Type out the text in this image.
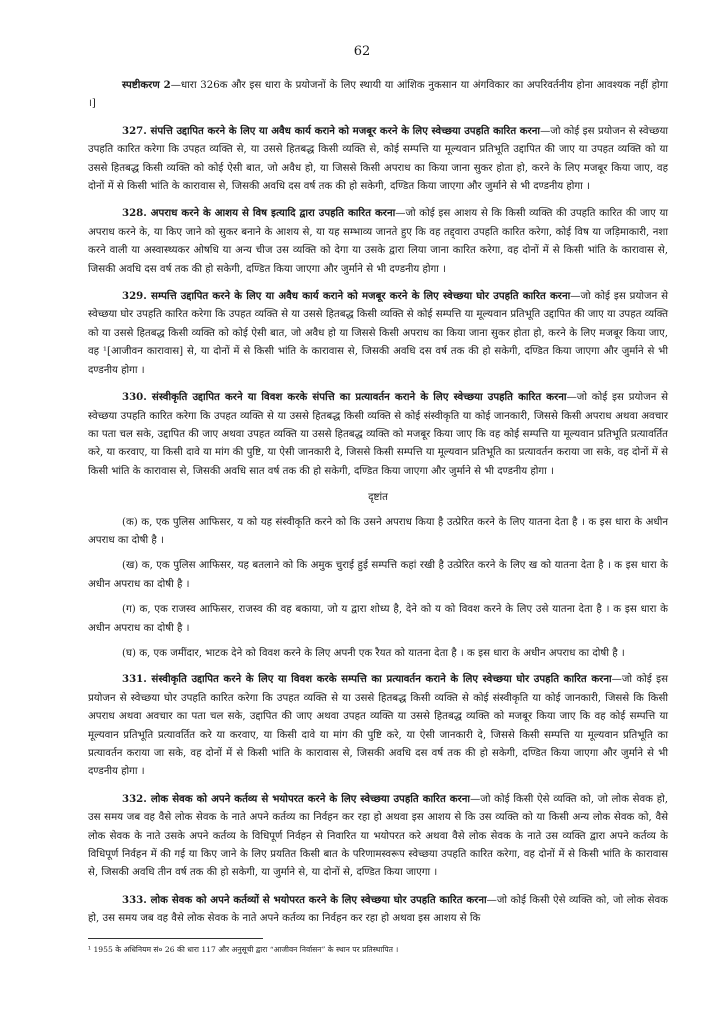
62

स्पष्टीकरण 2—धारा 326क और इस धारा के प्रयोजनों के लिए स्थायी या आंशिक नुकसान या अंगविकार का अपरिवर्तनीय होना आवश्यक नहीं होगा ।]

327. संपत्ति उद्दापित करने के लिए या अवैध कार्य कराने को मजबूर करने के लिए स्वेच्छया उपहति कारित करना—जो कोई इस प्रयोजन से स्वेच्छया उपहति कारित करेगा कि उपहत व्यक्ति से, या उससे हितबद्ध किसी व्यक्ति से, कोई सम्पत्ति या मूल्यवान प्रतिभूति उद्दापित की जाए या उपहत व्यक्ति को या उससे हितबद्ध किसी व्यक्ति को कोई ऐसी बात, जो अवैध हो, या जिससे किसी अपराध का किया जाना सुकर होता हो, करने के लिए मजबूर किया जाए, वह दोनों में से किसी भांति के कारावास से, जिसकी अवधि दस वर्ष तक की हो सकेगी, दण्डित किया जाएगा और जुर्माने से भी दण्डनीय होगा ।

328. अपराध करने के आशय से विष इत्यादि द्वारा उपहति कारित करना—जो कोई इस आशय से कि किसी व्यक्ति की उपहति कारित की जाए या अपराध करने के, या किए जाने को सुकर बनाने के आशय से, या यह सम्भाव्य जानते हुए कि वह तद्द्वारा उपहति कारित करेगा, कोई विष या जड़िमाकारी, नशा करने वाली या अस्वास्थ्यकर ओषधि या अन्य चीज उस व्यक्ति को देगा या उसके द्वारा लिया जाना कारित करेगा, वह दोनों में से किसी भांति के कारावास से, जिसकी अवधि दस वर्ष तक की हो सकेगी, दण्डित किया जाएगा और जुर्माने से भी दण्डनीय होगा ।

329. सम्पत्ति उद्दापित करने के लिए या अवैध कार्य कराने को मजबूर करने के लिए स्वेच्छया घोर उपहति कारित करना—जो कोई इस प्रयोजन से स्वेच्छया घोर उपहति कारित करेगा कि उपहत व्यक्ति से या उससे हितबद्ध किसी व्यक्ति से कोई सम्पत्ति या मूल्यवान प्रतिभूति उद्दापित की जाए या उपहत व्यक्ति को या उससे हितबद्ध किसी व्यक्ति को कोई ऐसी बात, जो अवैध हो या जिससे किसी अपराध का किया जाना सुकर होता हो, करने के लिए मजबूर किया जाए, वह ¹[आजीवन कारावास] से, या दोनों में से किसी भांति के कारावास से, जिसकी अवधि दस वर्ष तक की हो सकेगी, दण्डित किया जाएगा और जुर्माने से भी दण्डनीय होगा ।

330. संस्वीकृति उद्दापित करने या विवश करके संपत्ति का प्रत्यावर्तन कराने के लिए स्वेच्छया उपहति कारित करना—जो कोई इस प्रयोजन से स्वेच्छया उपहति कारित करेगा कि उपहत व्यक्ति से या उससे हितबद्ध किसी व्यक्ति से कोई संस्वीकृति या कोई जानकारी, जिससे किसी अपराध अथवा अवचार का पता चल सके, उद्दापित की जाए अथवा उपहत व्यक्ति या उससे हितबद्ध व्यक्ति को मजबूर किया जाए कि वह कोई सम्पत्ति या मूल्यवान प्रतिभूति प्रत्यावर्तित करे, या करवाए, या किसी दावे या मांग की पुष्टि, या ऐसी जानकारी दे, जिससे किसी सम्पत्ति या मूल्यवान प्रतिभूति का प्रत्यावर्तन कराया जा सके, वह दोनों में से किसी भांति के कारावास से, जिसकी अवधि सात वर्ष तक की हो सकेगी, दण्डित किया जाएगा और जुर्माने से भी दण्डनीय होगा ।

दृष्टांत

(क) क, एक पुलिस आफिसर, य को यह संस्वीकृति करने को कि उसने अपराध किया है उत्प्रेरित करने के लिए यातना देता है । क इस धारा के अधीन अपराध का दोषी है ।

(ख) क, एक पुलिस आफिसर, यह बतलाने को कि अमुक चुराई हुई सम्पत्ति कहां रखी है उत्प्रेरित करने के लिए ख को यातना देता है । क इस धारा के अधीन अपराध का दोषी है ।

(ग) क, एक राजस्व आफिसर, राजस्व की वह बकाया, जो य द्वारा शोध्य है, देने को य को विवश करने के लिए उसे यातना देता है । क इस धारा के अधीन अपराध का दोषी है ।

(घ) क, एक जमींदार, भाटक देने को विवश करने के लिए अपनी एक रैयत को यातना देता है । क इस धारा के अधीन अपराध का दोषी है ।

331. संस्वीकृति उद्दापित करने के लिए या विवश करके सम्पत्ति का प्रत्यावर्तन कराने के लिए स्वेच्छया घोर उपहति कारित करना—जो कोई इस प्रयोजन से स्वेच्छया घोर उपहति कारित करेगा कि उपहत व्यक्ति से या उससे हितबद्ध किसी व्यक्ति से कोई संस्वीकृति या कोई जानकारी, जिससे कि किसी अपराध अथवा अवचार का पता चल सके, उद्दापित की जाए अथवा उपहत व्यक्ति या उससे हितबद्ध व्यक्ति को मजबूर किया जाए कि वह कोई सम्पत्ति या मूल्यवान प्रतिभूति प्रत्यावर्तित करे या करवाए, या किसी दावे या मांग की पुष्टि करे, या ऐसी जानकारी दे, जिससे किसी सम्पत्ति या मूल्यवान प्रतिभूति का प्रत्यावर्तन कराया जा सके, वह दोनों में से किसी भांति के कारावास से, जिसकी अवधि दस वर्ष तक की हो सकेगी, दण्डित किया जाएगा और जुर्माने से भी दण्डनीय होगा ।

332. लोक सेवक को अपने कर्तव्य से भयोपरत करने के लिए स्वेच्छया उपहति कारित करना—जो कोई किसी ऐसे व्यक्ति को, जो लोक सेवक हो, उस समय जब वह वैसे लोक सेवक के नाते अपने कर्तव्य का निर्वहन कर रहा हो अथवा इस आशय से कि उस व्यक्ति को या किसी अन्य लोक सेवक को, वैसे लोक सेवक के नाते उसके अपने कर्तव्य के विधिपूर्ण निर्वहन से निवारित या भयोपरत करे अथवा वैसे लोक सेवक के नाते उस व्यक्ति द्वारा अपने कर्तव्य के विधिपूर्ण निर्वहन में की गई या किए जाने के लिए प्रयतित किसी बात के परिणामस्वरूप स्वेच्छया उपहति कारित करेगा, वह दोनों में से किसी भांति के कारावास से, जिसकी अवधि तीन वर्ष तक की हो सकेगी, या जुर्माने से, या दोनों से, दण्डित किया जाएगा ।

333. लोक सेवक को अपने कर्तव्यों से भयोपरत करने के लिए स्वेच्छया घोर उपहति कारित करना—जो कोई किसी ऐसे व्यक्ति को, जो लोक सेवक हो, उस समय जब वह वैसे लोक सेवक के नाते अपने कर्तव्य का निर्वहन कर रहा हो अथवा इस आशय से कि

¹ 1955 के अधिनियम सं० 26 की धारा 117 और अनुसूची द्वारा “आजीवन निर्वासन” के स्थान पर प्रतिस्थापित ।
